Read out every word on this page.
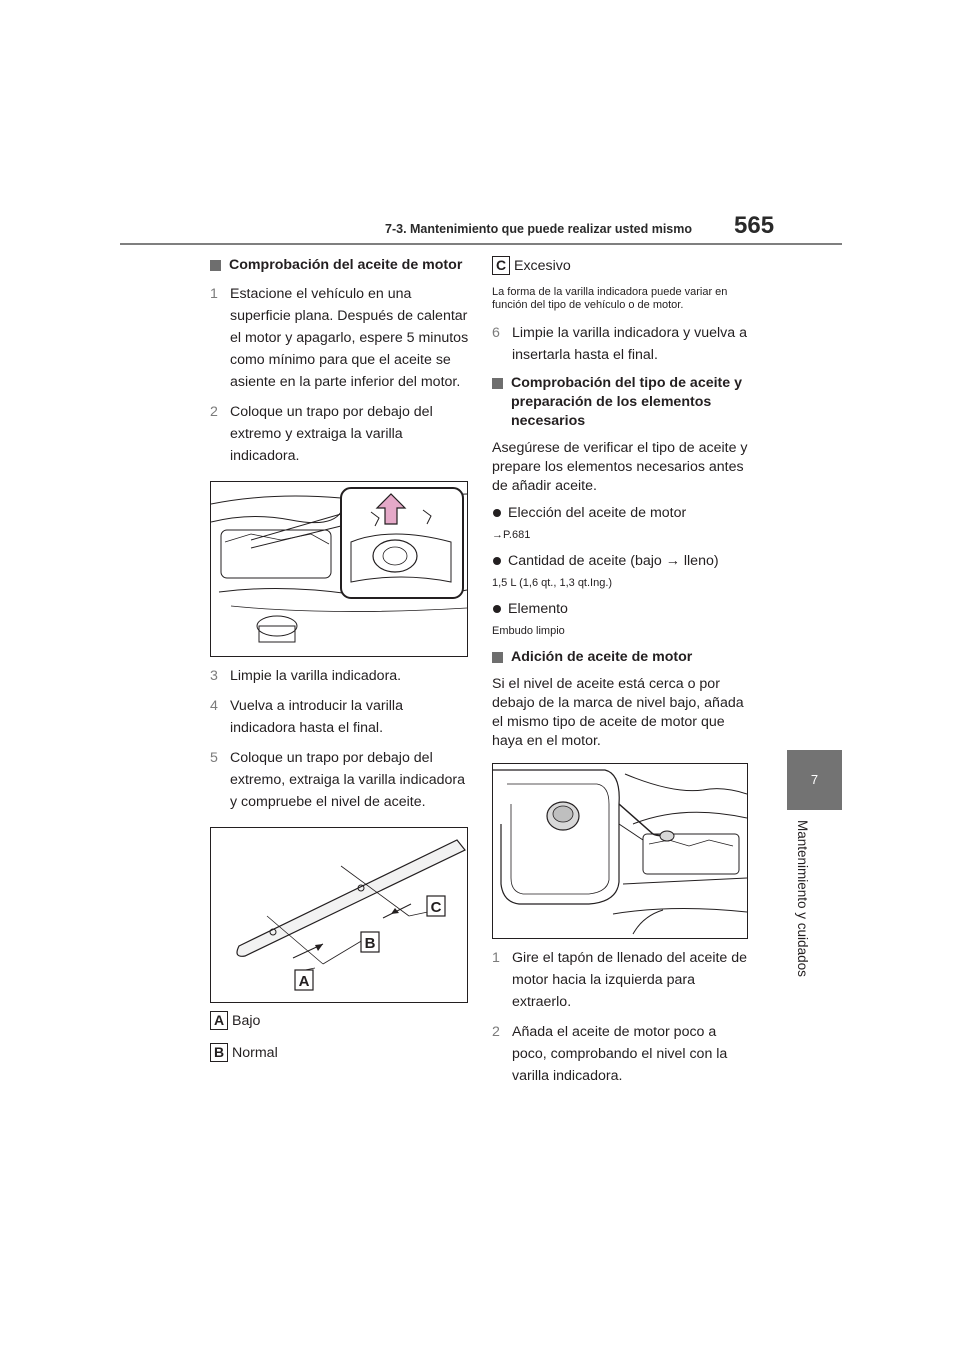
7-3. Mantenimiento que puede realizar usted mismo 565
7
Mantenimiento y cuidados
Comprobación del aceite de motor
1 Estacione el vehículo en una superficie plana. Después de calentar el motor y apagarlo, espere 5 minutos como mínimo para que el aceite se asiente en la parte inferior del motor.
2 Coloque un trapo por debajo del extremo y extraiga la varilla indicadora.
3 Limpie la varilla indicadora.
4 Vuelva a introducir la varilla indicadora hasta el final.
5 Coloque un trapo por debajo del extremo, extraiga la varilla indicadora y compruebe el nivel de aceite.
C
B
A
A Bajo
B Normal
C Excesivo
La forma de la varilla indicadora puede variar en función del tipo de vehículo o de motor.
6 Limpie la varilla indicadora y vuelva a insertarla hasta el final.
Comprobación del tipo de aceite y preparación de los elementos necesarios
Asegúrese de verificar el tipo de aceite y prepare los elementos necesarios antes de añadir aceite.
Elección del aceite de motor
→P.681
Cantidad de aceite (bajo → lleno)
1,5 L (1,6 qt., 1,3 qt.Ing.)
Elemento
Embudo limpio
Adición de aceite de motor
Si el nivel de aceite está cerca o por debajo de la marca de nivel bajo, añada el mismo tipo de aceite de motor que haya en el motor.
1 Gire el tapón de llenado del aceite de motor hacia la izquierda para extraerlo.
2 Añada el aceite de motor poco a poco, comprobando el nivel con la varilla indicadora.
